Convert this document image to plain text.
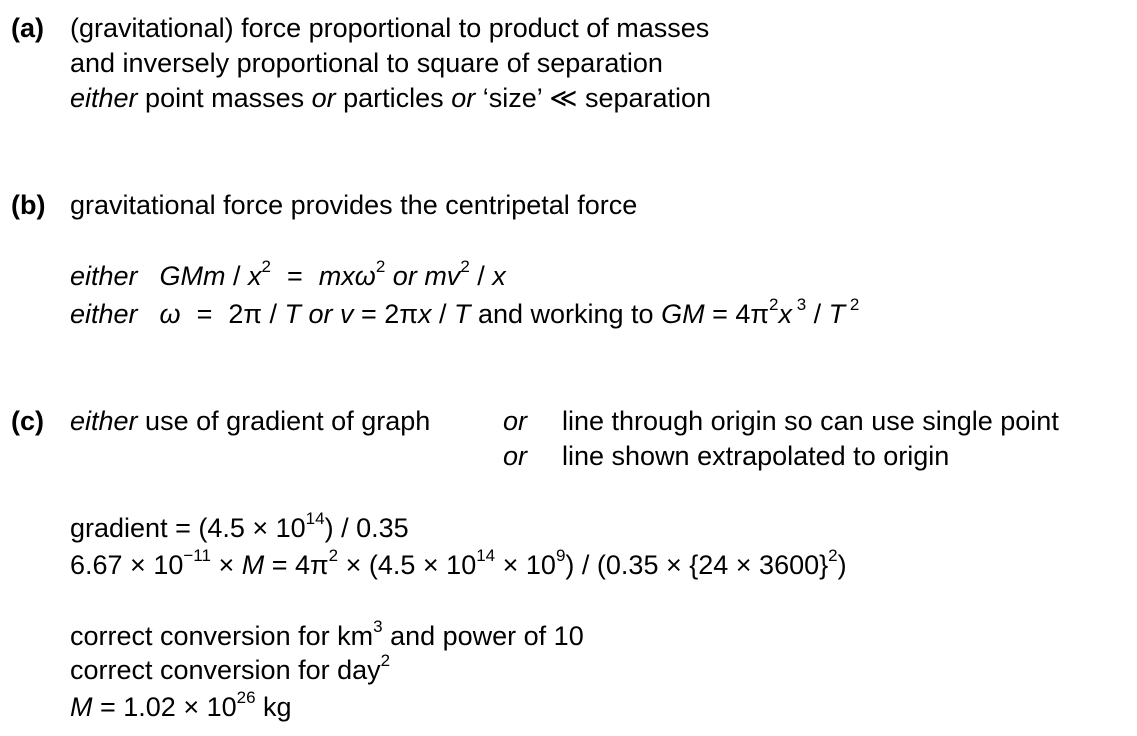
(a) (gravitational) force proportional to product of masses
and inversely proportional to square of separation
either point masses or particles or ‘size’ ≪ separation
(b) gravitational force provides the centripetal force
either GMm / $x^2 = mx\omega^2$ or $mv^2$ / x
either ω = 2π / T or v = 2πx / T and working to GM = $4\pi^2x$ $^3$ / T $^2$
(c) either use of gradient of graph	or line through origin so can use single point
or line shown extrapolated to origin
gradient = $(4.5 \times 10^{14}) / 0.35$
$6.67 \times 10^{-11} \times M = 4\pi^2 \times (4.5 \times 10^{14} \times 10^9) / (0.35 \times \{24 \times 3600\}^2)$
correct conversion for $km^3$ and power of 10
correct conversion for day$^2$
$M = 1.02 \times 10^{26}$ kg
